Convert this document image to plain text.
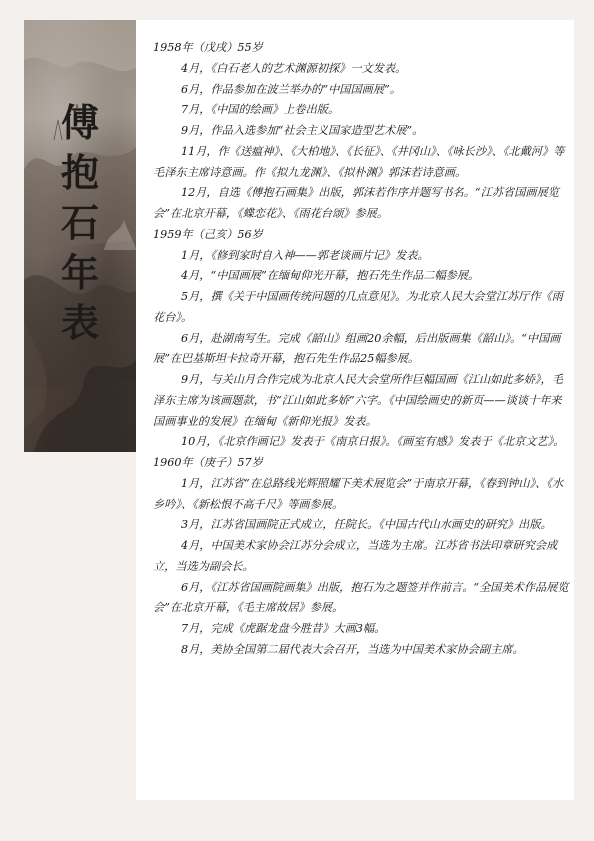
傅抱石年表

1958年（戊戌）55岁

4月，《白石老人的艺术渊源初探》一文发表。

6月，作品参加在波兰举办的“中国国画展”。

7月，《中国的绘画》上卷出版。

9月，作品入选参加“社会主义国家造型艺术展”。

11月，作《送瘟神》、《大柏地》、《长征》、《井冈山》、《咏长沙》、《北戴河》等毛泽东主席诗意画。作《拟九龙渊》、《拟朴渊》郭沫若诗意画。

12月，自选《傅抱石画集》出版，郭沫若作序并题写书名。“江苏省国画展览会”在北京开幕，《蝶恋花》、《雨花台颂》参展。

1959年（己亥）56岁

1月，《修到家时自入神——郭老谈画片记》发表。

4月，“中国画展”在缅甸仰光开幕，抱石先生作品二幅参展。

5月，撰《关于中国画传统问题的几点意见》。为北京人民大会堂江苏厅作《雨花台》。

6月，赴湖南写生。完成《韶山》组画20余幅，后出版画集《韶山》。“中国画展”在巴基斯坦卡拉奇开幕，抱石先生作品25幅参展。

9月，与关山月合作完成为北京人民大会堂所作巨幅国画《江山如此多娇》，毛泽东主席为该画题款，书“江山如此多娇”六字。《中国绘画史的新页——谈谈十年来国画事业的发展》在缅甸《新仰光报》发表。

10月，《北京作画记》发表于《南京日报》。《画室有感》发表于《北京文艺》。

1960年（庚子）57岁

1月，江苏省“在总路线光辉照耀下美术展览会”于南京开幕，《春到钟山》、《水乡吟》、《新松恨不高千尺》等画参展。

3月，江苏省国画院正式成立，任院长。《中国古代山水画史的研究》出版。

4月，中国美术家协会江苏分会成立，当选为主席。江苏省书法印章研究会成立，当选为副会长。

6月，《江苏省国画院画集》出版，抱石为之题签并作前言。“全国美术作品展览会”在北京开幕，《毛主席故居》参展。

7月，完成《虎踞龙盘今胜昔》大画3幅。

8月，美协全国第二届代表大会召开，当选为中国美术家协会副主席。
